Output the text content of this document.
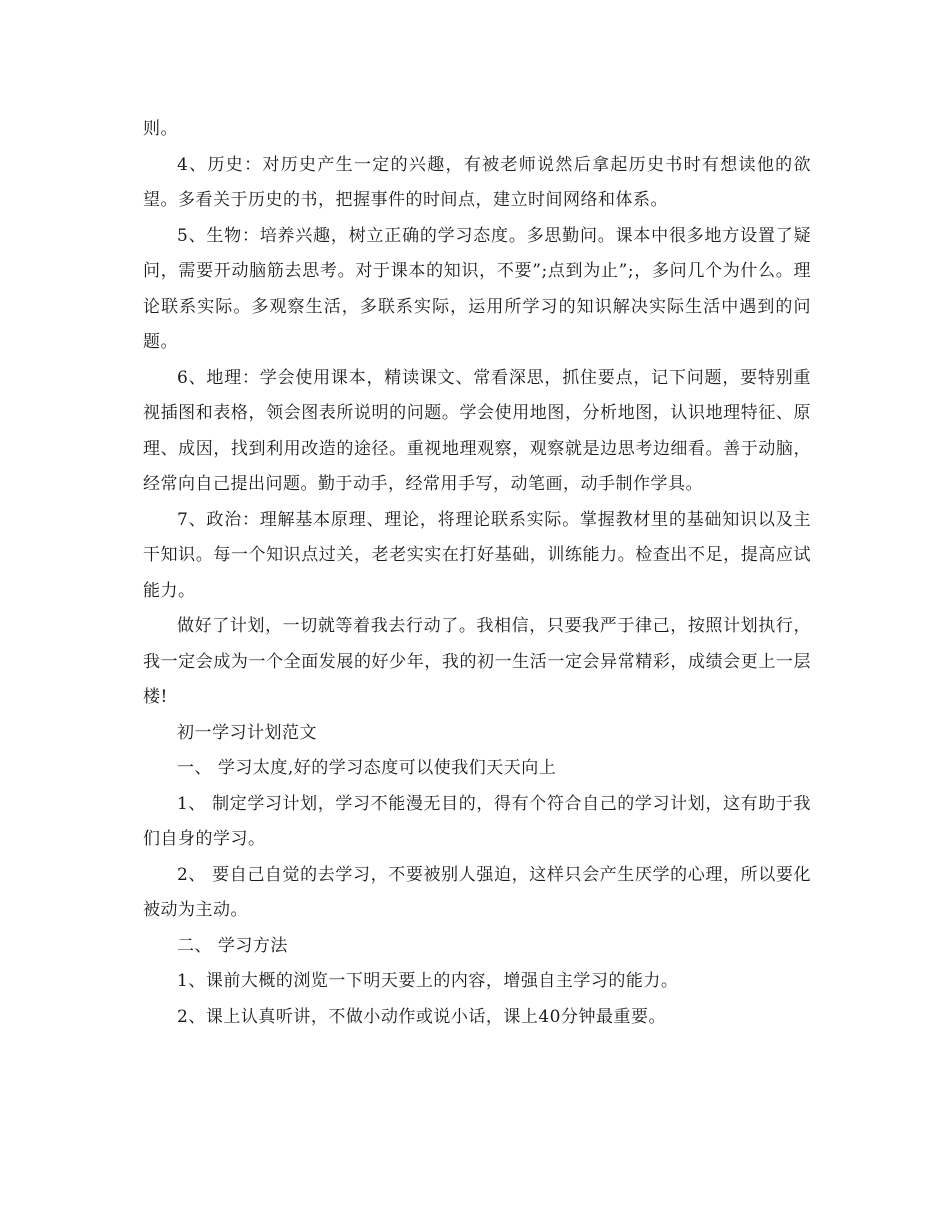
则。

4、历史：对历史产生一定的兴趣，有被老师说然后拿起历史书时有想读他的欲望。多看关于历史的书，把握事件的时间点，建立时间网络和体系。

5、生物：培养兴趣，树立正确的学习态度。多思勤问。课本中很多地方设置了疑问，需要开动脑筋去思考。对于课本的知识，不要”;点到为止”;，多问几个为什么。理论联系实际。多观察生活，多联系实际，运用所学习的知识解决实际生活中遇到的问题。

6、地理：学会使用课本，精读课文、常看深思，抓住要点，记下问题，要特别重视插图和表格，领会图表所说明的问题。学会使用地图，分析地图，认识地理特征、原理、成因，找到利用改造的途径。重视地理观察，观察就是边思考边细看。善于动脑，经常向自己提出问题。勤于动手，经常用手写，动笔画，动手制作学具。

7、政治：理解基本原理、理论，将理论联系实际。掌握教材里的基础知识以及主干知识。每一个知识点过关，老老实实在打好基础，训练能力。检查出不足，提高应试能力。

做好了计划，一切就等着我去行动了。我相信，只要我严于律己，按照计划执行，我一定会成为一个全面发展的好少年，我的初一生活一定会异常精彩，成绩会更上一层楼!

初一学习计划范文

一、 学习太度,好的学习态度可以使我们天天向上

1、 制定学习计划，学习不能漫无目的，得有个符合自己的学习计划，这有助于我们自身的学习。

2、 要自己自觉的去学习，不要被别人强迫，这样只会产生厌学的心理，所以要化被动为主动。

二、 学习方法

1、课前大概的浏览一下明天要上的内容，增强自主学习的能力。

2、课上认真听讲，不做小动作或说小话，课上40分钟最重要。
